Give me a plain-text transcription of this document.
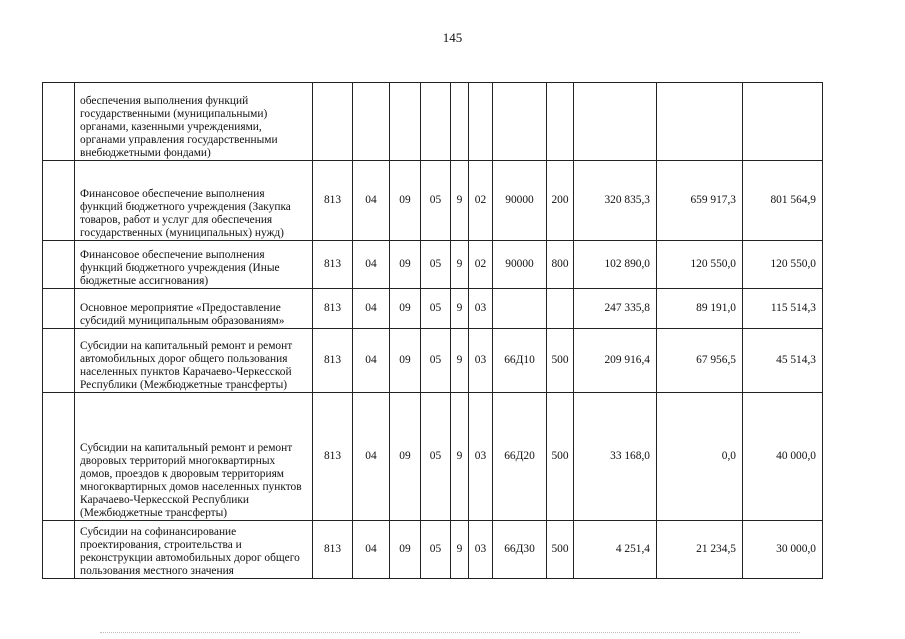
145
	обеспечения выполнения функций государственными (муниципальными) органами, казенными учреждениями, органами управления государственными внебюджетными фондами)											
	Финансовое обеспечение выполнения функций бюджетного учреждения (Закупка товаров, работ и услуг для обеспечения государственных (муниципальных) нужд)	813	04	09	05	9	02	90000	200	320 835,3	659 917,3	801 564,9
	Финансовое обеспечение выполнения функций бюджетного учреждения (Иные бюджетные ассигнования)	813	04	09	05	9	02	90000	800	102 890,0	120 550,0	120 550,0
	Основное мероприятие «Предоставление субсидий муниципальным образованиям»	813	04	09	05	9	03			247 335,8	89 191,0	115 514,3
	Субсидии на капитальный ремонт и ремонт автомобильных дорог общего пользования населенных пунктов Карачаево-Черкесской Республики (Межбюджетные трансферты)	813	04	09	05	9	03	66Д10	500	209 916,4	67 956,5	45 514,3
	Субсидии на капитальный ремонт и ремонт дворовых территорий многоквартирных домов, проездов к дворовым территориям многоквартирных домов населенных пунктов Карачаево-Черкесской Республики (Межбюджетные трансферты)	813	04	09	05	9	03	66Д20	500	33 168,0	0,0	40 000,0
	Субсидии на софинансирование проектирования, строительства и реконструкции автомобильных дорог общего пользования местного значения	813	04	09	05	9	03	66Д30	500	4 251,4	21 234,5	30 000,0
